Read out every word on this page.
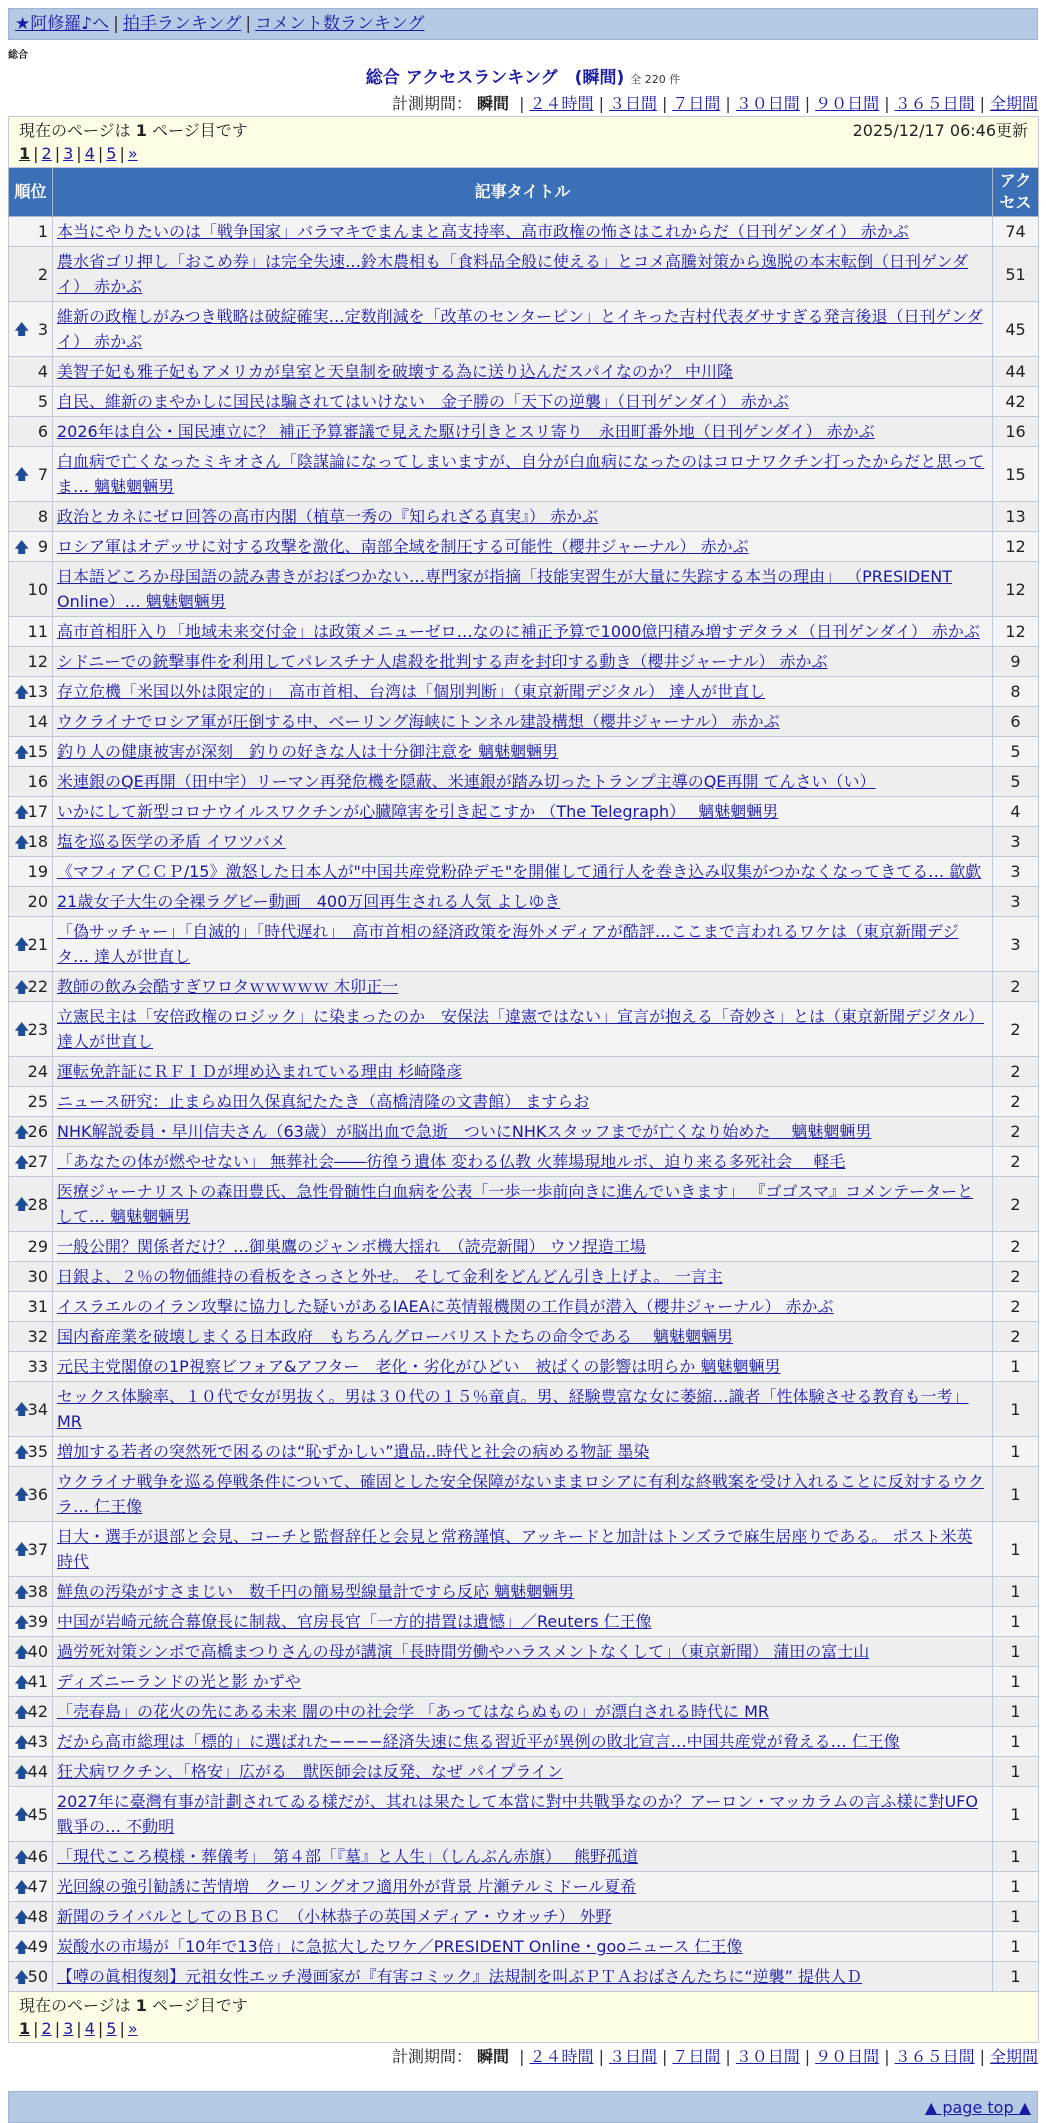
★阿修羅♪へ | 拍手ランキング | コメント数ランキング
総合
総合 アクセスランキング　(瞬間) 全 220 件
計測期間： 瞬間 | ２４時間 | ３日間 | ７日間 | ３０日間 | ９０日間 | ３６５日間 | 全期間
現在のページは 1 ページ目です 2025/12/17 06:46更新
1 | 2 | 3 | 4 | 5 | »		

順位	記事タイトル	アクセス
1	本当にやりたいのは「戦争国家」バラマキでまんまと高支持率、高市政権の怖さはこれからだ（日刊ゲンダイ） 赤かぶ	74
2	農水省ゴリ押し「おこめ券」は完全失速…鈴木農相も「食料品全般に使える」とコメ高騰対策から逸脱の本末転倒（日刊ゲンダイ） 赤かぶ	51

🡅 3	維新の政権しがみつき戦略は破綻確実…定数削減を「改革のセンターピン」とイキった吉村代表ダサすぎる発言後退（日刊ゲンダイ） 赤かぶ	45
4	美智子妃も雅子妃もアメリカが皇室と天皇制を破壊する為に送り込んだスパイなのか？ 中川隆	44
5	自民、維新のまやかしに国民は騙されてはいけない　金子勝の「天下の逆襲」（日刊ゲンダイ） 赤かぶ	42
6	2026年は自公・国民連立に？ 補正予算審議で見えた駆け引きとスリ寄り　永田町番外地（日刊ゲンダイ） 赤かぶ	16

🡅 7	白血病で亡くなったミキオさん「陰謀論になってしまいますが、自分が白血病になったのはコロナワクチン打ったからだと思ってま… 魑魅魍魎男	15
8	政治とカネにゼロ回答の高市内閣（植草一秀の『知られざる真実』） 赤かぶ	13

🡅 9	ロシア軍はオデッサに対する攻撃を激化、南部全域を制圧する可能性（櫻井ジャーナル） 赤かぶ	12
10	日本語どころか母国語の読み書きがおぼつかない…専門家が指摘「技能実習生が大量に失踪する本当の理由」 （PRESIDENT Online）… 魑魅魍魎男	12
11	高市首相肝入り「地域未来交付金」は政策メニューゼロ…なのに補正予算で1000億円積み増すデタラメ（日刊ゲンダイ） 赤かぶ	12
12	シドニーでの銃撃事件を利用してパレスチナ人虐殺を批判する声を封印する動き（櫻井ジャーナル） 赤かぶ	9

🡅
13	存立危機「米国以外は限定的」　高市首相、台湾は「個別判断」（東京新聞デジタル） 達人が世直し	8
14	ウクライナでロシア軍が圧倒する中、ベーリング海峡にトンネル建設構想（櫻井ジャーナル） 赤かぶ	6

🡅
15	釣り人の健康被害が深刻　釣りの好きな人は十分御注意を 魑魅魍魎男	5
16	米連銀のQE再開（田中宇）リーマン再発危機を隠蔽、米連銀が踏み切ったトランプ主導のQE再開 てんさい（い）	5

🡅
17	いかにして新型コロナウイルスワクチンが心臓障害を引き起こすか （The Telegraph）　 魑魅魍魎男	4

🡅
18	塩を巡る医学の矛盾 イワツバメ	3
19	《マフィアＣＣＰ/15》激怒した日本人が"中国共産党粉砕デモ"を開催して通行人を巻き込み収集がつかなくなってきてる… 歙歔	3
20	21歳女子大生の全裸ラグビー動画　400万回再生される人気 よしゆき	3

🡅
21	「偽サッチャー」「自滅的」「時代遅れ」　高市首相の経済政策を海外メディアが酷評…ここまで言われるワケは（東京新聞デジタ… 達人が世直し	3

🡅
22	教師の飲み会酷すぎワロタｗｗｗｗｗ 木卯正一	2

🡅
23	立憲民主は「安倍政権のロジック」に染まったのか　安保法「違憲ではない」宣言が抱える「奇妙さ」とは（東京新聞デジタル） 達人が世直し	2
24	運転免許証にＲＦＩＤが埋め込まれている理由 杉崎隆彦	2
25	ニュース研究：止まらぬ田久保真紀たたき（高橋清隆の文書館） ますらお	2

🡅
26	NHK解説委員・早川信夫さん（63歳）が脳出血で急逝　ついにNHKスタッフまでが亡くなり始めた　 魑魅魍魎男	2

🡅
27	「あなたの体が燃やせない」 無葬社会――彷徨う遺体 変わる仏教 火葬場現地ルポ、迫り来る多死社会　 軽毛	2

🡅
28	医療ジャーナリストの森田豊氏、急性骨髄性白血病を公表「一歩一歩前向きに進んでいきます」 『ゴゴスマ』コメンテーターとして… 魑魅魍魎男	2
29	一般公開？関係者だけ？…御巣鷹のジャンボ機大揺れ　（読売新聞） ウソ捏造工場	2
30	日銀よ、２％の物価維持の看板をさっさと外せ。 そして金利をどんどん引き上げよ。 一言主	2
31	イスラエルのイラン攻撃に協力した疑いがあるIAEAに英情報機関の工作員が潜入（櫻井ジャーナル） 赤かぶ	2
32	国内畜産業を破壊しまくる日本政府　もちろんグローバリストたちの命令である　 魑魅魍魎男	2
33	元民主党閣僚の1P視察ビフォア&アフター　老化・劣化がひどい　被ばくの影響は明らか 魑魅魍魎男	1

🡅
34	セックス体験率、１０代で女が男抜く。男は３０代の１５％童貞。男、経験豊富な女に萎縮…識者「性体験させる教育も一考」 MR	1

🡅
35	増加する若者の突然死で困るのは“恥ずかしい”遺品‥時代と社会の病める物証 墨染	1

🡅
36	ウクライナ戦争を巡る停戦条件について、確固とした安全保障がないままロシアに有利な終戦案を受け入れることに反対するウクラ… 仁王像	1

🡅
37	日大・選手が退部と会見、コーチと監督辞任と会見と常務謹慎、アッキードと加計はトンズラで麻生居座りである。 ポスト米英時代	1

🡅
38	鮮魚の汚染がすさまじい　数千円の簡易型線量計ですら反応 魑魅魍魎男	1

🡅
39	中国が岩崎元統合幕僚長に制裁、官房長官「一方的措置は遺憾」／Reuters 仁王像	1

🡅
40	過労死対策シンポで高橋まつりさんの母が講演「長時間労働やハラスメントなくして」（東京新聞） 蒲田の富士山	1

🡅
41	ディズニーランドの光と影 かずや	1

🡅
42	「売春島」の花火の先にある未来 闇の中の社会学 「あってはならぬもの」が漂白される時代に MR	1

🡅
43	だから高市総理は「標的」に選ばれた−−−−経済失速に焦る習近平が異例の敗北宣言…中国共産党が脅える… 仁王像	1

🡅
44	狂犬病ワクチン、「格安」広がる　獣医師会は反発、なぜ パイプライン	1

🡅
45	2027年に臺灣有事が計劃されてゐる樣だが、其れは果たして本當に對中共戰爭なのか？アーロン・マッカラムの言ふ樣に對UFO戰爭の… 不動明	1

🡅
46	「現代こころ模様・葬儀考」　第４部「『墓』と人生」（しんぶん赤旗）　 熊野孤道	1

🡅
47	光回線の強引勧誘に苦情増　クーリングオフ適用外が背景 片瀬テルミドール夏希	1

🡅
48	新聞のライバルとしてのＢＢＣ　（小林恭子の英国メディア・ウオッチ） 外野	1

🡅
49	炭酸水の市場が「10年で13倍」に急拡大したワケ／PRESIDENT Online・gooニュース 仁王像	1

🡅
50	【噂の眞相復刻】元祖女性エッチ漫画家が『有害コミック』法規制を叫ぶＰＴＡおばさんたちに“逆襲” 提供人Ｄ	1

現在のページは 1 ページ目です
1 | 2 | 3 | 4 | 5 | »		
計測期間： 瞬間 | ２４時間 | ３日間 | ７日間 | ３０日間 | ９０日間 | ３６５日間 | 全期間
▲ page top ▲
